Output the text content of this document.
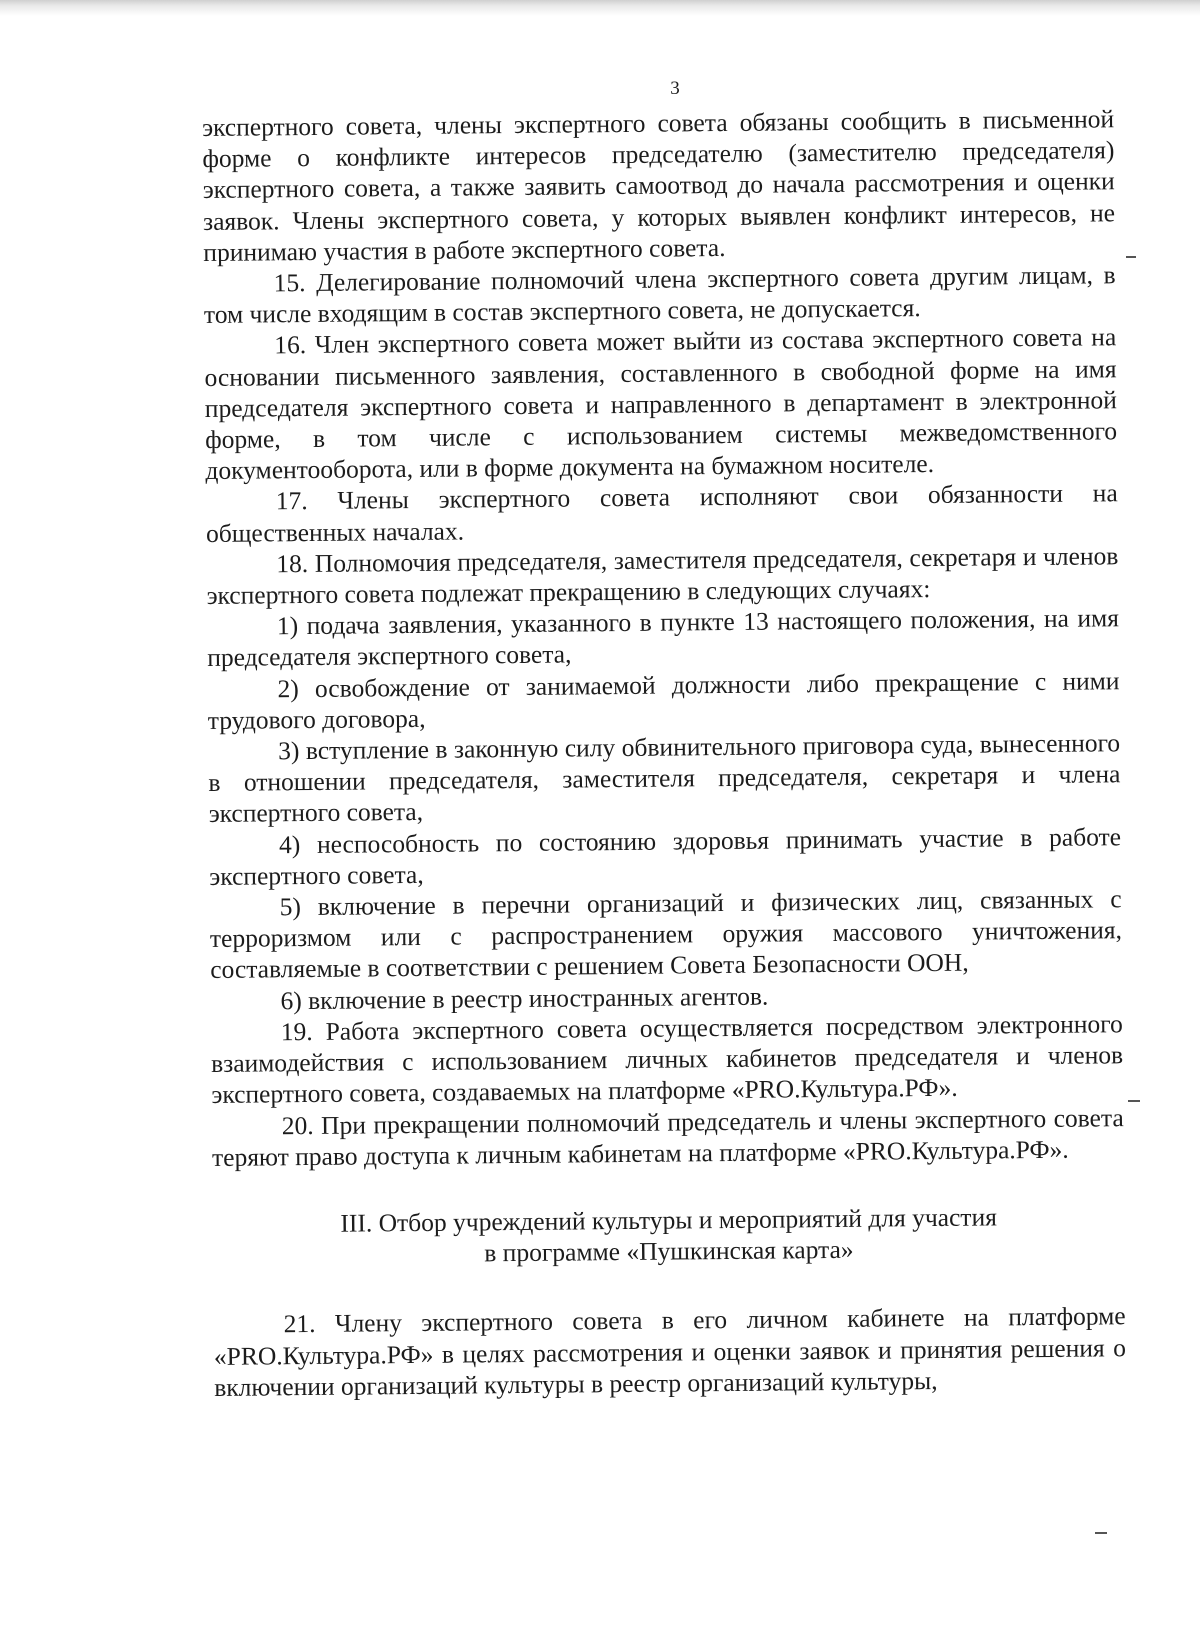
3

экспертного совета, члены экспертного совета обязаны сообщить в письменной форме о конфликте интересов председателю (заместителю председателя) экспертного совета, а также заявить самоотвод до начала рассмотрения и оценки заявок. Члены экспертного совета, у которых выявлен конфликт интересов, не принимаю участия в работе экспертного совета.

15. Делегирование полномочий члена экспертного совета другим лицам, в том числе входящим в состав экспертного совета, не допускается.

16. Член экспертного совета может выйти из состава экспертного совета на основании письменного заявления, составленного в свободной форме на имя председателя экспертного совета и направленного в департамент в электронной форме, в том числе с использованием системы межведомственного документооборота, или в форме документа на бумажном носителе.

17. Члены экспертного совета исполняют свои обязанности на общественных началах.

18. Полномочия председателя, заместителя председателя, секретаря и членов экспертного совета подлежат прекращению в следующих случаях:

1) подача заявления, указанного в пункте 13 настоящего положения, на имя председателя экспертного совета,

2) освобождение от занимаемой должности либо прекращение с ними трудового договора,

3) вступление в законную силу обвинительного приговора суда, вынесенного в отношении председателя, заместителя председателя, секретаря и члена экспертного совета,

4) неспособность по состоянию здоровья принимать участие в работе экспертного совета,

5) включение в перечни организаций и физических лиц, связанных с терроризмом или с распространением оружия массового уничтожения, составляемые в соответствии с решением Совета Безопасности ООН,

6) включение в реестр иностранных агентов.

19. Работа экспертного совета осуществляется посредством электронного взаимодействия с использованием личных кабинетов председателя и членов экспертного совета, создаваемых на платформе «PRO.Культура.РФ».

20. При прекращении полномочий председатель и члены экспертного совета теряют право доступа к личным кабинетам на платформе «PRO.Культура.РФ».

III. Отбор учреждений культуры и мероприятий для участия
в программе «Пушкинская карта»

21. Члену экспертного совета в его личном кабинете на платформе «PRO.Культура.РФ» в целях рассмотрения и оценки заявок и принятия решения о включении организаций культуры в реестр организаций культуры,
